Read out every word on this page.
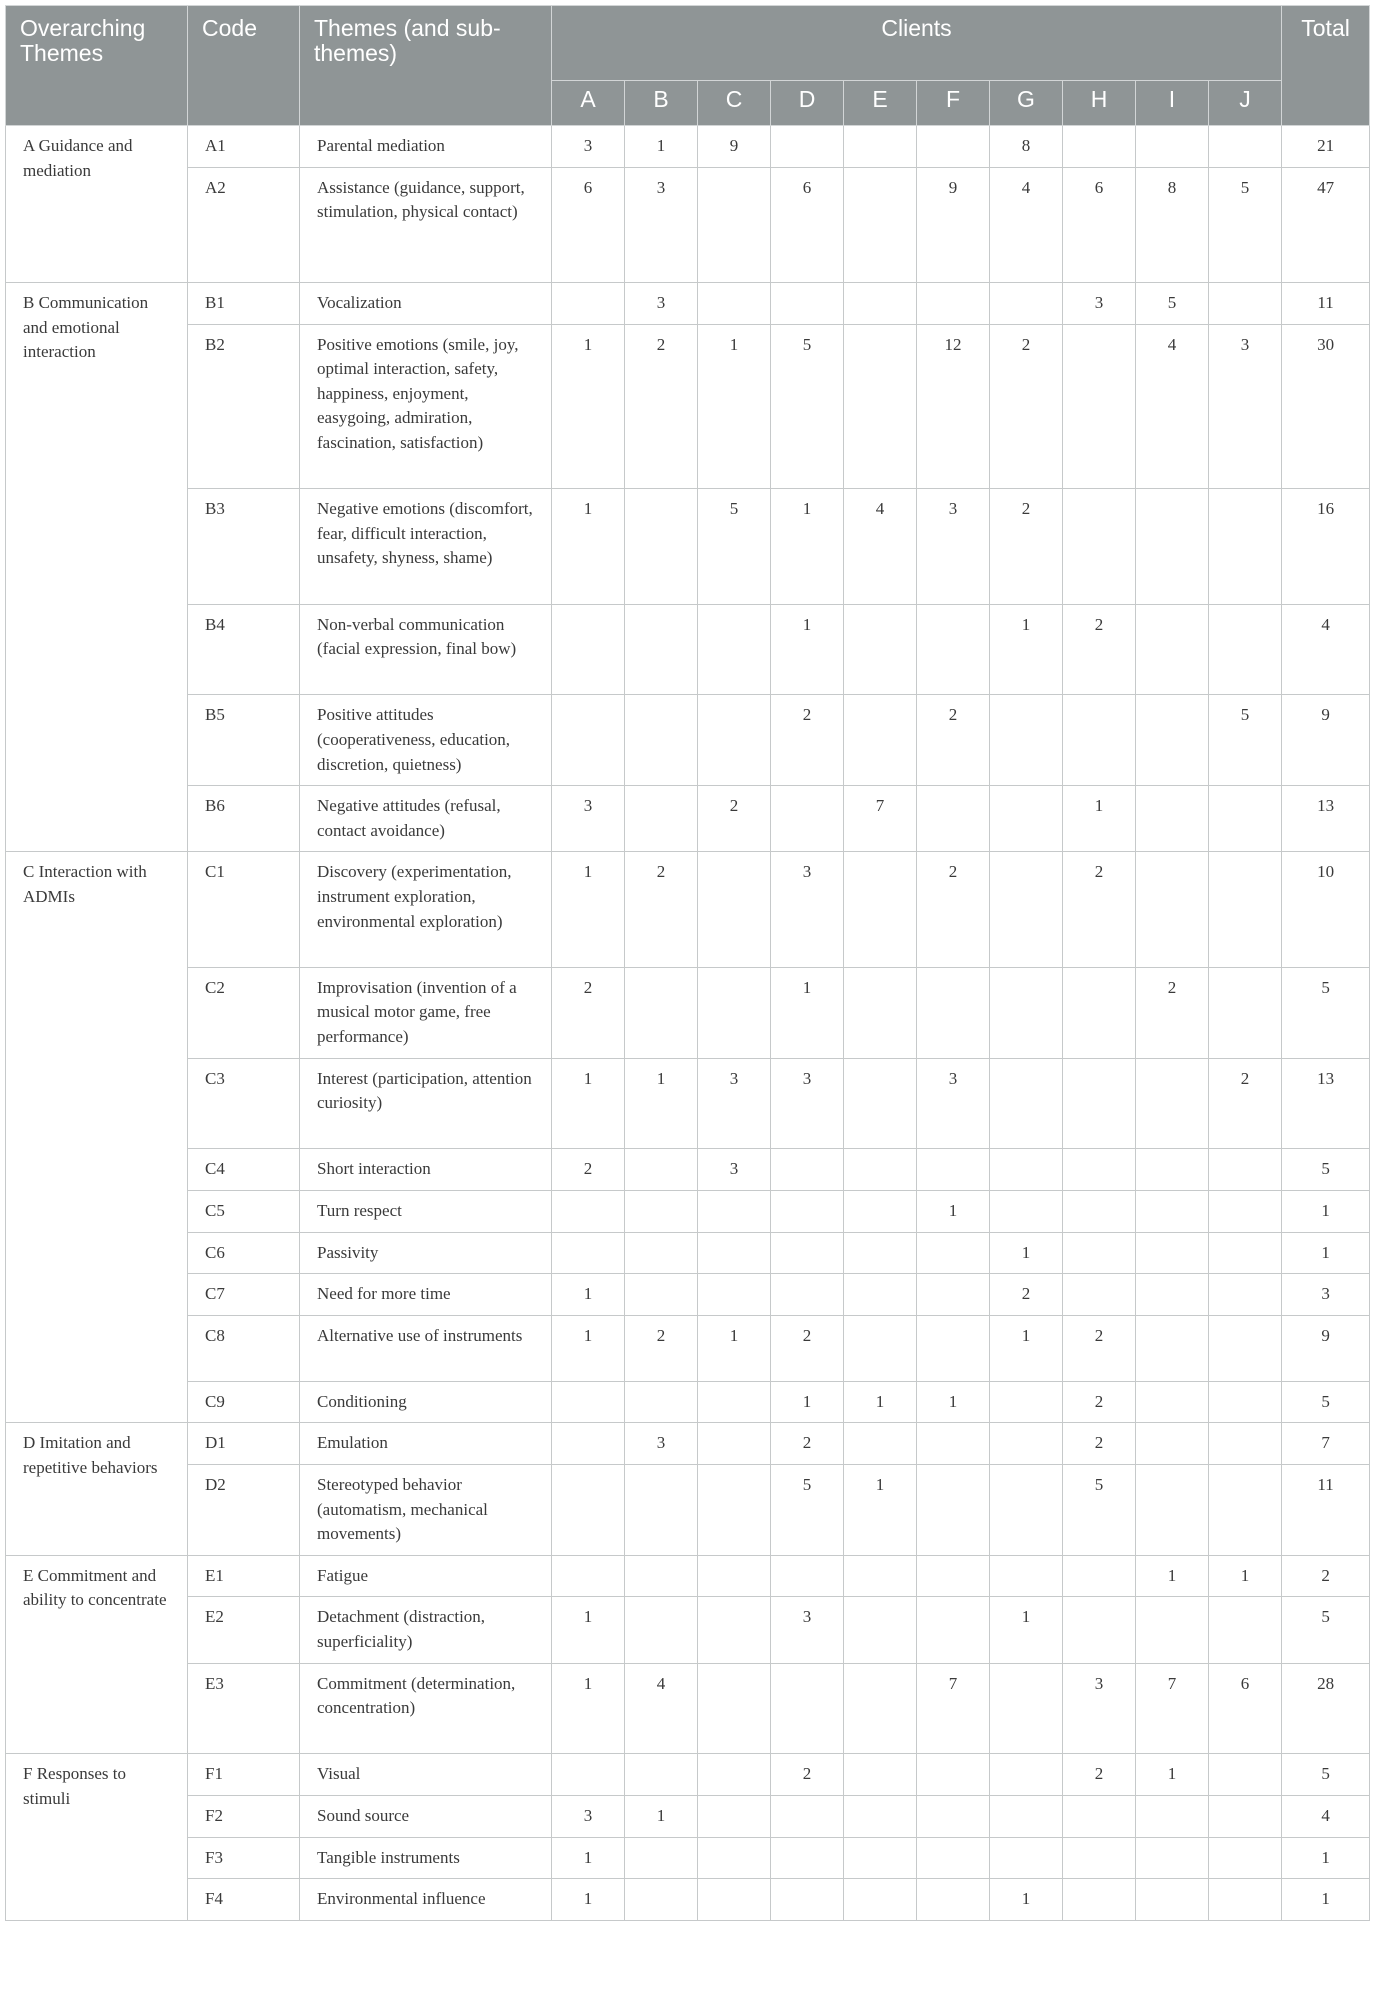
Overarching Themes	Code	Themes (and sub-themes)	Clients										Total
			A	B	C	D	E	F	G	H	I	J	
A Guidance and mediation	A1	Parental mediation	3	1	9				8				21
	A2	Assistance (guidance, support, stimulation, physical contact)	6	3		6		9	4	6	8	5	47
B Communication and emotional interaction	B1	Vocalization		3						3	5		11
	B2	Positive emotions (smile, joy, optimal interaction, safety, happiness, enjoyment, easygoing, admiration, fascination, satisfaction)	1	2	1	5		12	2		4	3	30
	B3	Negative emotions (discomfort, fear, difficult interaction, unsafety, shyness, shame)	1		5	1	4	3	2				16
	B4	Non-verbal communication (facial expression, final bow)				1			1	2			4
	B5	Positive attitudes (cooperativeness, education, discretion, quietness)				2		2				5	9
	B6	Negative attitudes (refusal, contact avoidance)	3		2		7			1			13
C Interaction with ADMIs	C1	Discovery (experimentation, instrument exploration, environmental exploration)	1	2		3		2		2			10
	C2	Improvisation (invention of a musical motor game, free performance)	2			1					2		5
	C3	Interest (participation, attention curiosity)	1	1	3	3		3				2	13
	C4	Short interaction	2		3								5
	C5	Turn respect						1					1
	C6	Passivity							1				1
	C7	Need for more time	1						2				3
	C8	Alternative use of instruments	1	2	1	2			1	2			9
	C9	Conditioning				1	1	1		2			5
D Imitation and repetitive behaviors	D1	Emulation		3		2				2			7
	D2	Stereotyped behavior (automatism, mechanical movements)				5	1			5			11
E Commitment and ability to concentrate	E1	Fatigue									1	1	2
	E2	Detachment (distraction, superficiality)	1			3			1				5
	E3	Commitment (determination, concentration)	1	4				7		3	7	6	28
F Responses to stimuli	F1	Visual				2				2	1		5
	F2	Sound source	3	1									4
	F3	Tangible instruments	1										1
	F4	Environmental influence	1						1				1
